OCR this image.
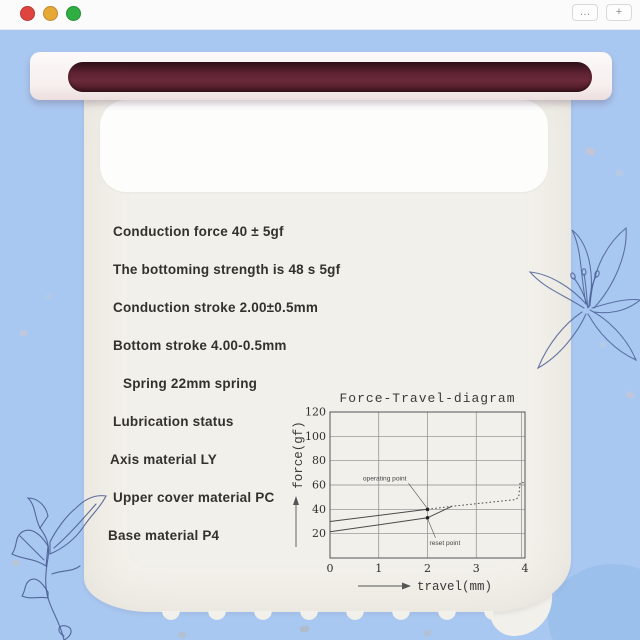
Conduction force 40 ± 5gf
The bottoming strength is 48 s 5gf
Conduction stroke 2.00±0.5mm
Bottom stroke 4.00-0.5mm
Spring 22mm spring
Lubrication status
Axis material LY
Upper cover material PC
Base material P4
Force-Travel-diagram
0	1	2	3	4
20
40
60
80
100
120
operating point
reset point
force(gf)
travel(mm)
…	+
